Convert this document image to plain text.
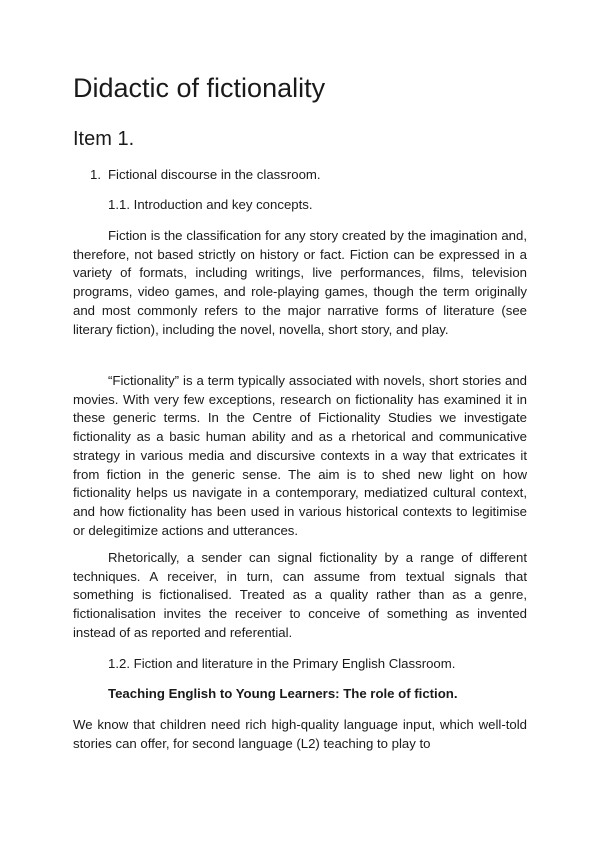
Didactic of fictionality
Item 1.

1. Fictional discourse in the classroom.

1.1. Introduction and key concepts.

Fiction is the classification for any story created by the imagination and, therefore, not based strictly on history or fact. Fiction can be expressed in a variety of formats, including writings, live performances, films, television programs, video games, and role-playing games, though the term originally and most commonly refers to the major narrative forms of literature (see literary fiction), including the novel, novella, short story, and play.

“Fictionality” is a term typically associated with novels, short stories and movies. With very few exceptions, research on fictionality has examined it in these generic terms. In the Centre of Fictionality Studies we investigate fictionality as a basic human ability and as a rhetorical and communicative strategy in various media and discursive contexts in a way that extricates it from fiction in the generic sense. The aim is to shed new light on how fictionality helps us navigate in a contemporary, mediatized cultural context, and how fictionality has been used in various historical contexts to legitimise or delegitimize actions and utterances.

Rhetorically, a sender can signal fictionality by a range of different techniques. A receiver, in turn, can assume from textual signals that something is fictionalised. Treated as a quality rather than as a genre, fictionalisation invites the receiver to conceive of something as invented instead of as reported and referential.

1.2. Fiction and literature in the Primary English Classroom.

Teaching English to Young Learners: The role of fiction.

We know that children need rich high-quality language input, which well-told stories can offer, for second language (L2) teaching to play to
